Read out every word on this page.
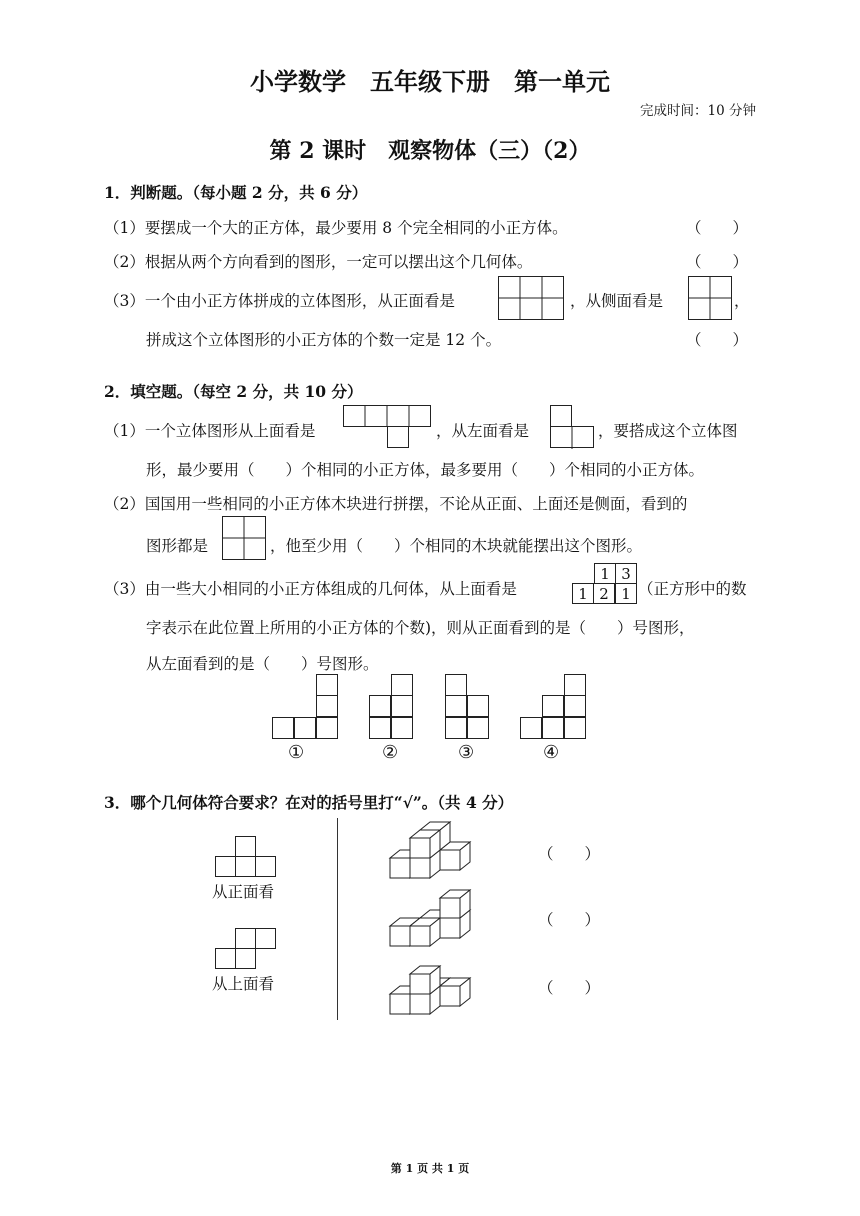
小学数学　五年级下册　第一单元
完成时间：10 分钟
第 2 课时　观察物体（三）（2）
1．判断题。（每小题 2 分，共 6 分）
（1）要摆成一个大的正方体，最少要用 8 个完全相同的小正方体。	（　　）
（2）根据从两个方向看到的图形，一定可以摆出这个几何体。	（　　）
（3）一个由小正方体拼成的立体图形，从正面看是	，从侧面看是	，
拼成这个立体图形的小正方体的个数一定是 12 个。	（　　）
2．填空题。（每空 2 分，共 10 分）
（1）一个立体图形从上面看是	，从左面看是	，要搭成这个立体图
形，最少要用（　　）个相同的小正方体，最多要用（　　）个相同的小正方体。
（2）国国用一些相同的小正方体木块进行拼摆，不论从正面、上面还是侧面，看到的
图形都是	，他至少用（　　）个相同的木块就能摆出这个图形。
（3）由一些大小相同的小正方体组成的几何体，从上面看是	（正方形中的数
字表示在此位置上所用的小正方体的个数)，则从正面看到的是（　　）号图形，
从左面看到的是（　　）号图形。
1 3
1 2 1
①	②	③	④
3．哪个几何体符合要求？在对的括号里打“√”。（共 4 分）
从正面看
从上面看
（　　）
（　　）
（　　）
第 1 页 共 1 页
